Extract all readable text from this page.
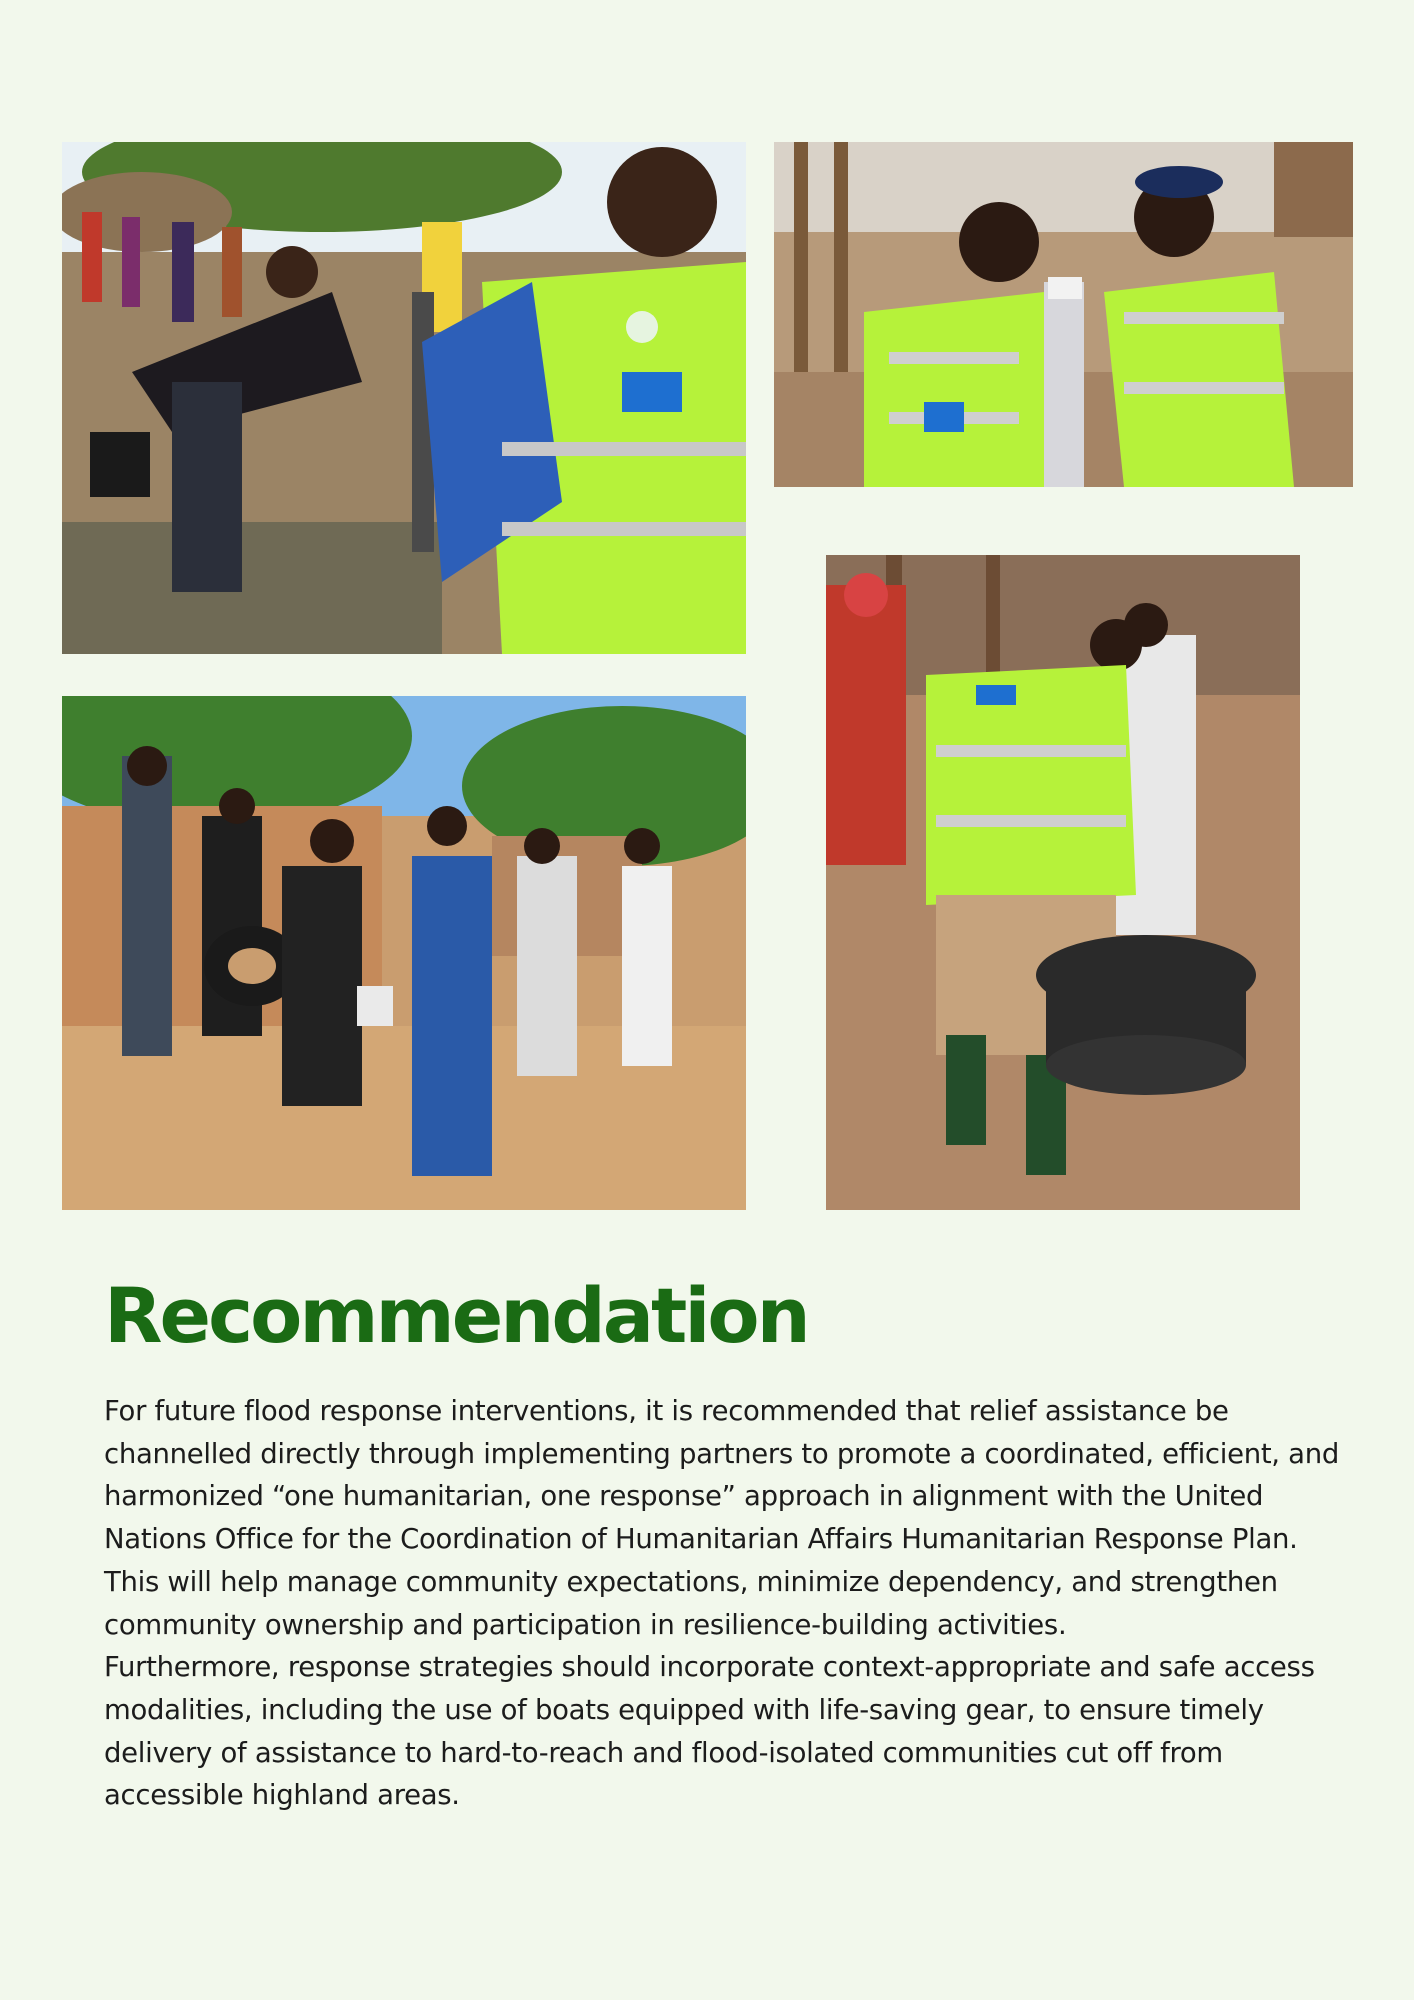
Recommendation

For future flood response interventions, it is recommended that relief assistance be channelled directly through implementing partners to promote a coordinated, efficient, and harmonized “one humanitarian, one response” approach in alignment with the United Nations Office for the Coordination of Humanitarian Affairs Humanitarian Response Plan. This will help manage community expectations, minimize dependency, and strengthen community ownership and participation in resilience-building activities.

Furthermore, response strategies should incorporate context-appropriate and safe access modalities, including the use of boats equipped with life-saving gear, to ensure timely delivery of assistance to hard-to-reach and flood-isolated communities cut off from accessible highland areas.
